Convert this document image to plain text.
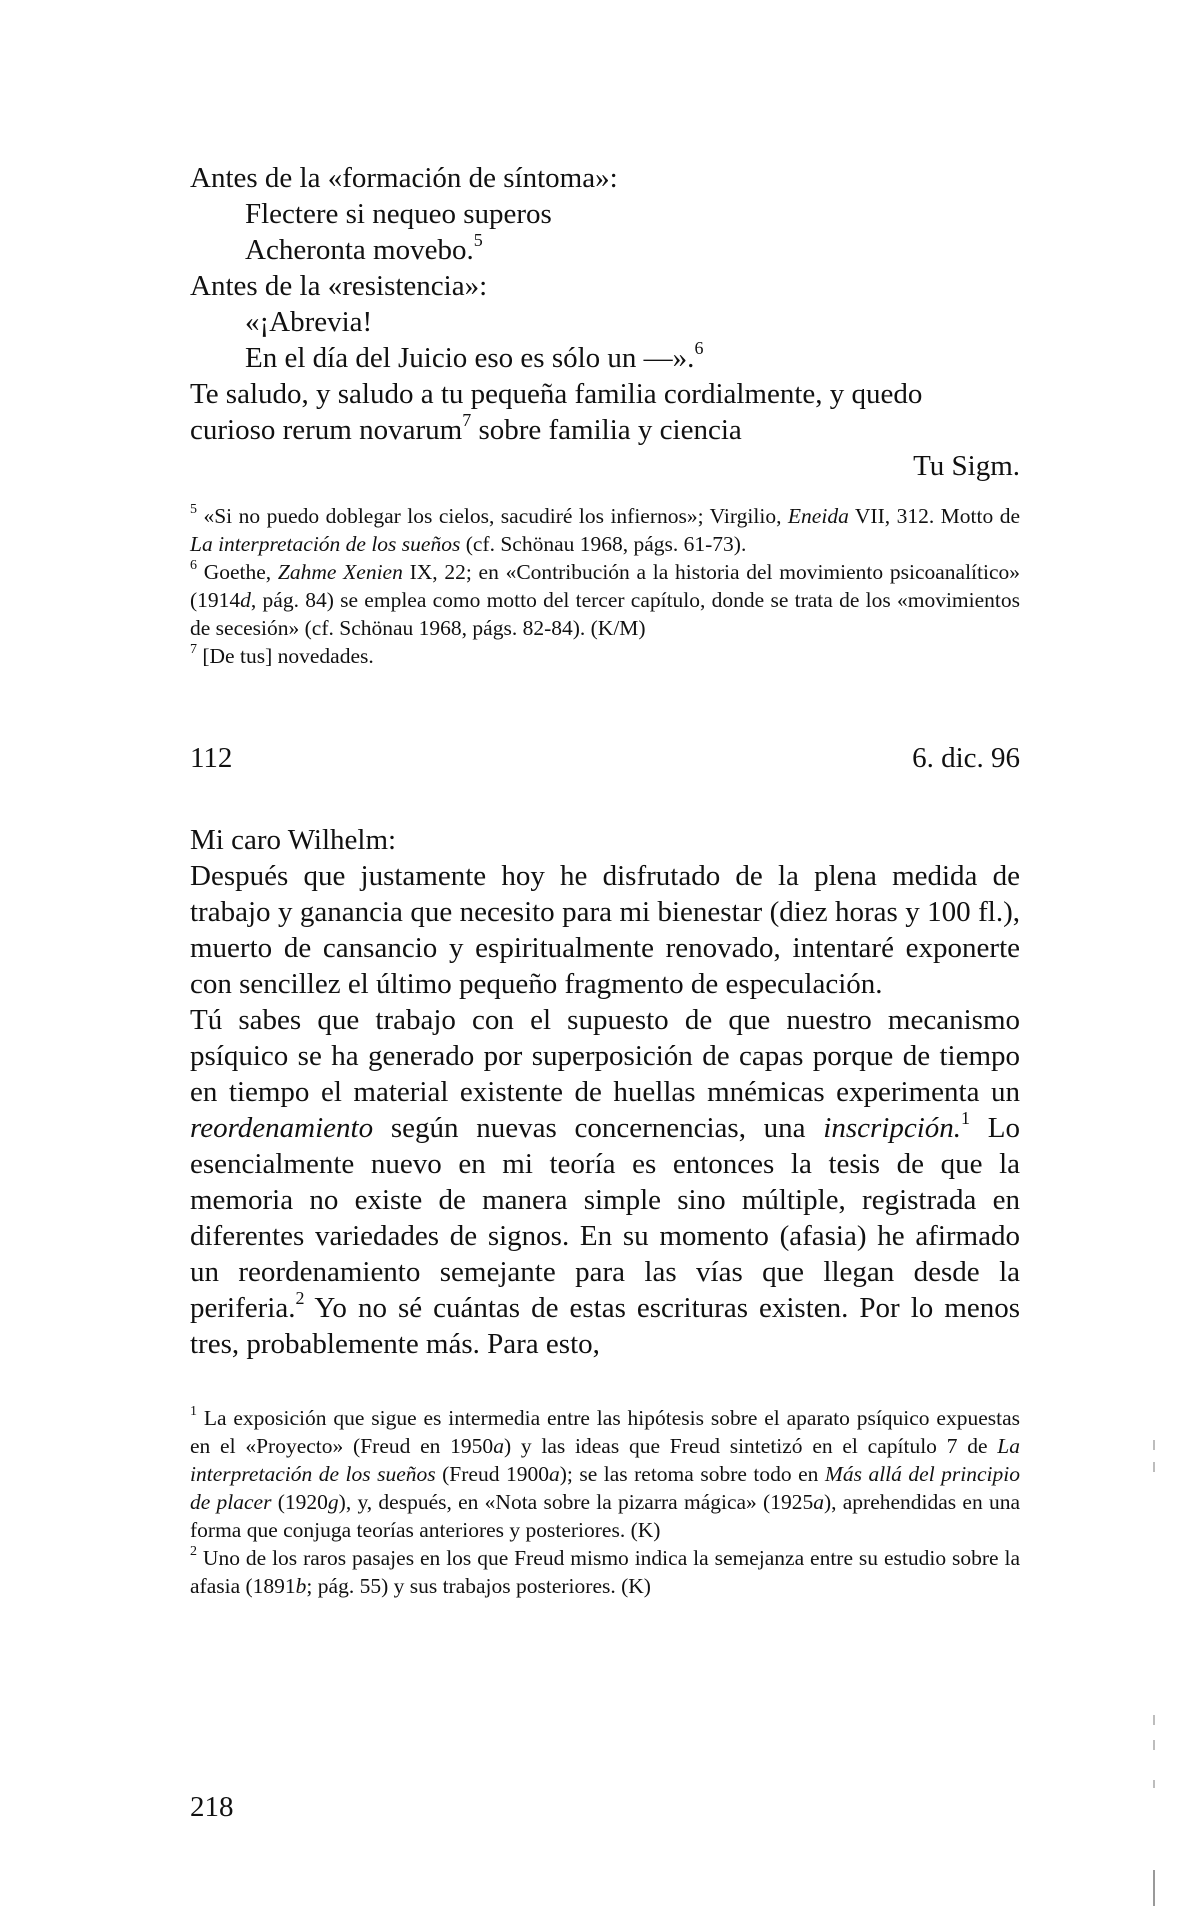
Antes de la «formación de síntoma»:
Flectere si nequeo superos
Acheronta movebo.$^5$
Antes de la «resistencia»:
«¡Abrevia!
En el día del Juicio eso es sólo un —».$^6$
Te saludo, y saludo a tu pequeña familia cordialmente, y quedo
curioso rerum novarum$^7$ sobre familia y ciencia
Tu Sigm.
$^5$ «Si no puedo doblegar los cielos, sacudiré los infiernos»; Virgilio, Eneida VII, 312. Motto de La interpretación de los sueños (cf. Schönau 1968, págs. 61-73).
$^6$ Goethe, Zahme Xenien IX, 22; en «Contribución a la historia del movimiento psicoanalítico» (1914d, pág. 84) se emplea como motto del tercer capítulo, donde se trata de los «movimientos de secesión» (cf. Schönau 1968, págs. 82-84). (K/M)
$^7$ [De tus] novedades.
112	6. dic. 96
Mi caro Wilhelm:

Después que justamente hoy he disfrutado de la plena medida de trabajo y ganancia que necesito para mi bienestar (diez horas y 100 fl.), muerto de cansancio y espiritualmente renovado, intentaré exponerte con sencillez el último pequeño fragmento de especulación.

Tú sabes que trabajo con el supuesto de que nuestro mecanismo psíquico se ha generado por superposición de capas porque de tiempo en tiempo el material existente de huellas mnémicas experimenta un reordenamiento según nuevas concernencias, una inscripción.$^1$ Lo esencialmente nuevo en mi teoría es entonces la tesis de que la memoria no existe de manera simple sino múltiple, registrada en diferentes variedades de signos. En su momento (afasia) he afirmado un reordenamiento semejante para las vías que llegan desde la periferia.$^2$ Yo no sé cuántas de estas escrituras existen. Por lo menos tres, probablemente más. Para esto,

$^1$ La exposición que sigue es intermedia entre las hipótesis sobre el aparato psíquico expuestas en el «Proyecto» (Freud en 1950a) y las ideas que Freud sintetizó en el capítulo 7 de La interpretación de los sueños (Freud 1900a); se las retoma sobre todo en Más allá del principio de placer (1920g), y, después, en «Nota sobre la pizarra mágica» (1925a), aprehendidas en una forma que conjuga teorías anteriores y posteriores. (K)
$^2$ Uno de los raros pasajes en los que Freud mismo indica la semejanza entre su estudio sobre la afasia (1891b; pág. 55) y sus trabajos posteriores. (K)
218
